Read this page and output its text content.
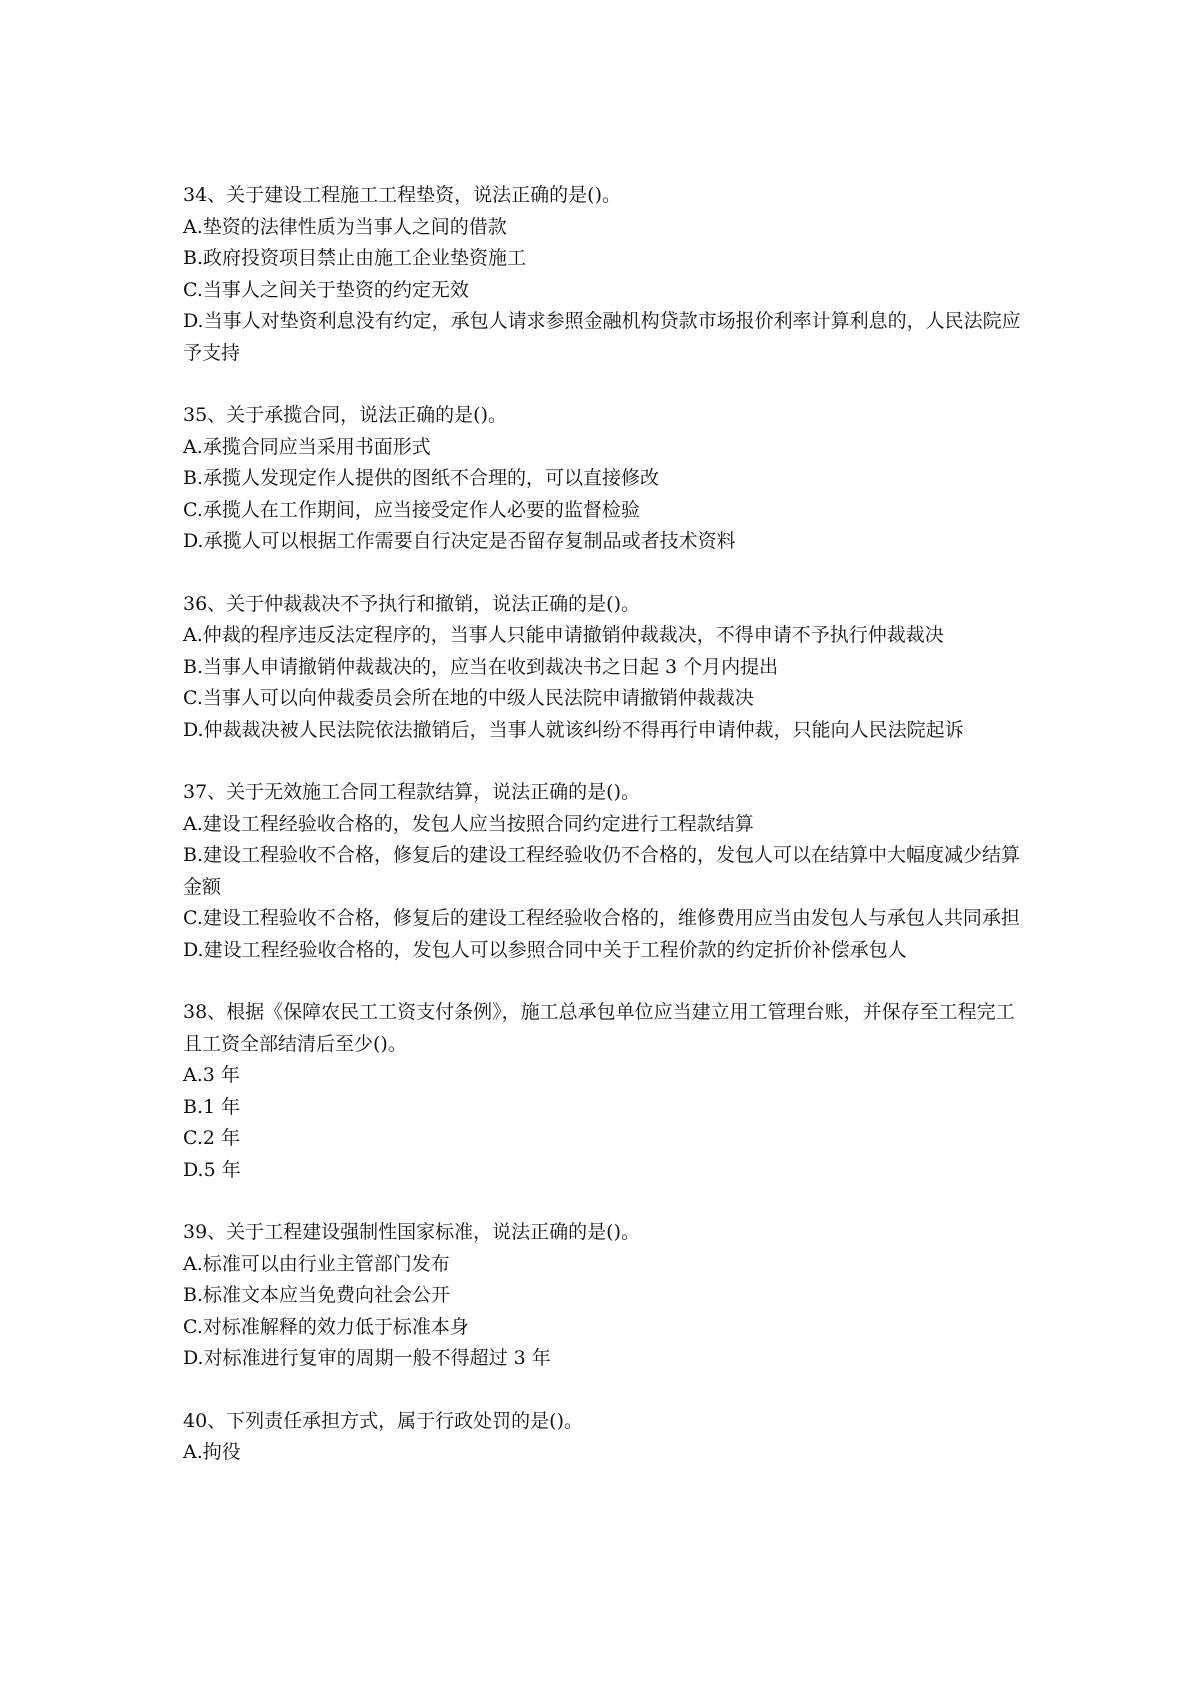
34、关于建设工程施工工程垫资，说法正确的是()。

A.垫资的法律性质为当事人之间的借款

B.政府投资项目禁止由施工企业垫资施工

C.当事人之间关于垫资的约定无效

D.当事人对垫资利息没有约定，承包人请求参照金融机构贷款市场报价利率计算利息的，人民法院应予支持

35、关于承揽合同，说法正确的是()。

A.承揽合同应当采用书面形式

B.承揽人发现定作人提供的图纸不合理的，可以直接修改

C.承揽人在工作期间，应当接受定作人必要的监督检验

D.承揽人可以根据工作需要自行决定是否留存复制品或者技术资料

36、关于仲裁裁决不予执行和撤销，说法正确的是()。

A.仲裁的程序违反法定程序的，当事人只能申请撤销仲裁裁决，不得申请不予执行仲裁裁决

B.当事人申请撤销仲裁裁决的，应当在收到裁决书之日起 3 个月内提出

C.当事人可以向仲裁委员会所在地的中级人民法院申请撤销仲裁裁决

D.仲裁裁决被人民法院依法撤销后，当事人就该纠纷不得再行申请仲裁，只能向人民法院起诉

37、关于无效施工合同工程款结算，说法正确的是()。

A.建设工程经验收合格的，发包人应当按照合同约定进行工程款结算

B.建设工程验收不合格，修复后的建设工程经验收仍不合格的，发包人可以在结算中大幅度减少结算金额

C.建设工程验收不合格，修复后的建设工程经验收合格的，维修费用应当由发包人与承包人共同承担

D.建设工程经验收合格的，发包人可以参照合同中关于工程价款的约定折价补偿承包人

38、根据《保障农民工工资支付条例》，施工总承包单位应当建立用工管理台账，并保存至工程完工且工资全部结清后至少()。

A.3 年

B.1 年

C.2 年

D.5 年

39、关于工程建设强制性国家标准，说法正确的是()。

A.标准可以由行业主管部门发布

B.标准文本应当免费向社会公开

C.对标准解释的效力低于标准本身

D.对标准进行复审的周期一般不得超过 3 年

40、下列责任承担方式，属于行政处罚的是()。

A.拘役
